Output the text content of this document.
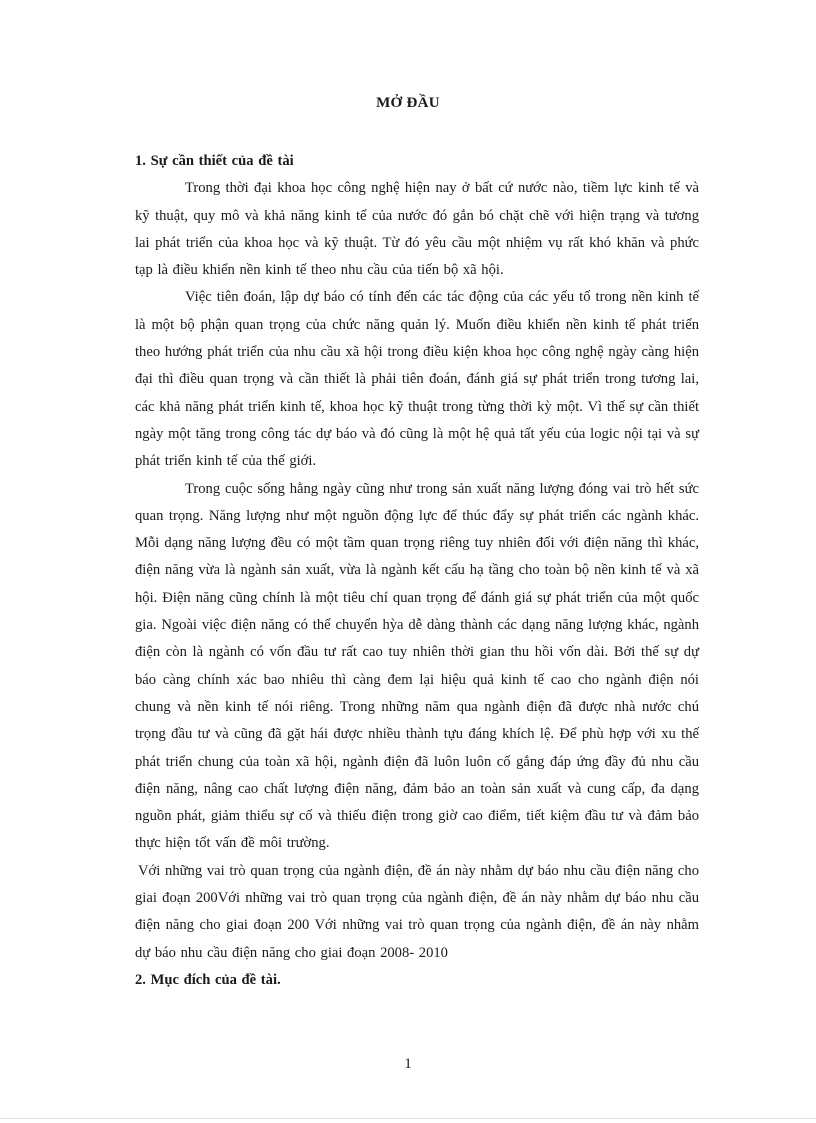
MỞ ĐẦU

1. Sự cần thiết của đề tài

Trong thời đại khoa học công nghệ hiện nay ở bất cứ nước nào, tiềm lực kinh tế và kỹ thuật, quy mô và khả năng kinh tế của nước đó gắn bó chặt chẽ với hiện trạng và tương lai phát triển của khoa học và kỹ thuật. Từ đó yêu cầu một nhiệm vụ rất khó khăn và phức tạp là điều khiển nền kinh tế theo nhu cầu của tiến bộ xã hội.

Việc tiên đoán, lập dự báo có tính đến các tác động của các yếu tố trong nền kinh tế là một bộ phận quan trọng của chức năng quản lý. Muốn điều khiển nền kinh tế phát triển theo hướng phát triển của nhu cầu xã hội trong điều kiện khoa học công nghệ ngày càng hiện đại thì điều quan trọng và cần thiết là phải tiên đoán, đánh giá sự phát triển trong tương lai, các khả năng phát triển kinh tế, khoa học kỹ thuật trong từng thời kỳ một. Vì thế sự cần thiết ngày một tăng trong công tác dự báo và đó cũng là một hệ quả tất yếu của logic nội tại và sự phát triển kinh tế của thế giới.

Trong cuộc sống hằng ngày cũng như trong sản xuất năng lượng đóng vai trò hết sức quan trọng. Năng lượng như một nguồn động lực để thúc đẩy sự phát triển các ngành khác. Mỗi dạng năng lượng đều có một tầm quan trọng riêng tuy nhiên đối với điện năng thì khác, điện năng vừa là ngành sản xuất, vừa là ngành kết cấu hạ tầng cho toàn bộ nền kinh tế và xã hội. Điện năng cũng chính là một tiêu chí quan trọng để đánh giá sự phát triển của một quốc gia. Ngoài việc điện năng có thể chuyển hỳa dễ dàng thành các dạng năng lượng khác, ngành điện còn là ngành có vốn đầu tư rất cao tuy nhiên thời gian thu hồi vốn dài. Bởi thế sự dự báo càng chính xác bao nhiêu thì càng đem lại hiệu quả kinh tế cao cho ngành điện nói chung và nền kinh tế nói riêng. Trong những năm qua ngành điện đã được nhà nước chú trọng đầu tư và cũng đã gặt hái được nhiều thành tựu đáng khích lệ. Để phù hợp với xu thế phát triển chung của toàn xã hội, ngành điện đã luôn luôn cố gắng đáp ứng đầy đủ nhu cầu điện năng, nâng cao chất lượng điện năng, đảm bảo an toàn sản xuất và cung cấp, đa dạng nguồn phát, giảm thiểu sự cố và thiếu điện trong giờ cao điểm, tiết kiệm đầu tư và đảm bảo thực hiện tốt vấn đề môi trường.

Với những vai trò quan trọng của ngành điện, đề án này nhằm dự báo nhu cầu điện năng cho giai đoạn 200Với những vai trò quan trọng của ngành điện, đề án này nhằm dự báo nhu cầu điện năng cho giai đoạn 200 Với những vai trò quan trọng của ngành điện, đề án này nhằm dự báo nhu cầu điện năng cho giai đoạn 2008- 2010

2. Mục đích của đề tài.

1
